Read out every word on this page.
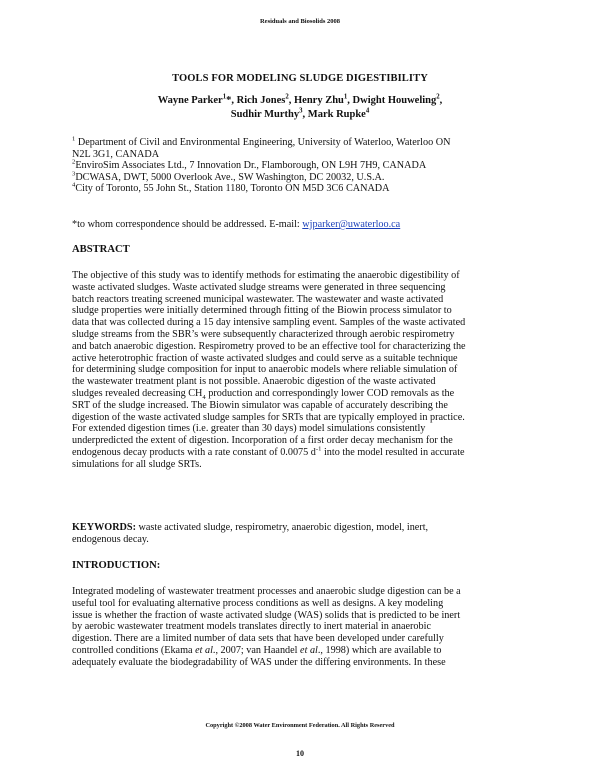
Residuals and Biosolids 2008
TOOLS FOR MODELING SLUDGE DIGESTIBILITY
Wayne Parker$^1$*, Rich Jones$^2$, Henry Zhu$^1$, Dwight Houweling$^2$,
Sudhir Murthy$^3$, Mark Rupke$^4$
$^1$ Department of Civil and Environmental Engineering, University of Waterloo, Waterloo ON
N2L 3G1, CANADA
$^2$EnviroSim Associates Ltd., 7 Innovation Dr., Flamborough, ON L9H 7H9, CANADA
$^3$DCWASA, DWT, 5000 Overlook Ave., SW Washington, DC 20032, U.S.A.
$^4$City of Toronto, 55 John St., Station 1180, Toronto ON M5D 3C6 CANADA
*to whom correspondence should be addressed. E-mail: wjparker@uwaterloo.ca
ABSTRACT
The objective of this study was to identify methods for estimating the anaerobic digestibility of
waste activated sludges. Waste activated sludge streams were generated in three sequencing
batch reactors treating screened municipal wastewater. The wastewater and waste activated
sludge properties were initially determined through fitting of the Biowin process simulator to
data that was collected during a 15 day intensive sampling event. Samples of the waste activated
sludge streams from the SBR’s were subsequently characterized through aerobic respirometry
and batch anaerobic digestion. Respirometry proved to be an effective tool for characterizing the
active heterotrophic fraction of waste activated sludges and could serve as a suitable technique
for determining sludge composition for input to anaerobic models where reliable simulation of
the wastewater treatment plant is not possible. Anaerobic digestion of the waste activated
sludges revealed decreasing $CH_4$ production and correspondingly lower COD removals as the
SRT of the sludge increased. The Biowin simulator was capable of accurately describing the
digestion of the waste activated sludge samples for SRTs that are typically employed in practice.
For extended digestion times (i.e. greater than 30 days) model simulations consistently
underpredicted the extent of digestion. Incorporation of a first order decay mechanism for the
endogenous decay products with a rate constant of 0.0075 $d^{-1}$ into the model resulted in accurate
simulations for all sludge SRTs.
KEYWORDS: waste activated sludge, respirometry, anaerobic digestion, model, inert,
endogenous decay.
INTRODUCTION:
Integrated modeling of wastewater treatment processes and anaerobic sludge digestion can be a
useful tool for evaluating alternative process conditions as well as designs. A key modeling
issue is whether the fraction of waste activated sludge (WAS) solids that is predicted to be inert
by aerobic wastewater treatment models translates directly to inert material in anaerobic
digestion. There are a limited number of data sets that have been developed under carefully
controlled conditions (Ekama et al., 2007; van Haandel et al., 1998) which are available to
adequately evaluate the biodegradability of WAS under the differing environments. In these
Copyright ©2008 Water Environment Federation. All Rights Reserved
10
